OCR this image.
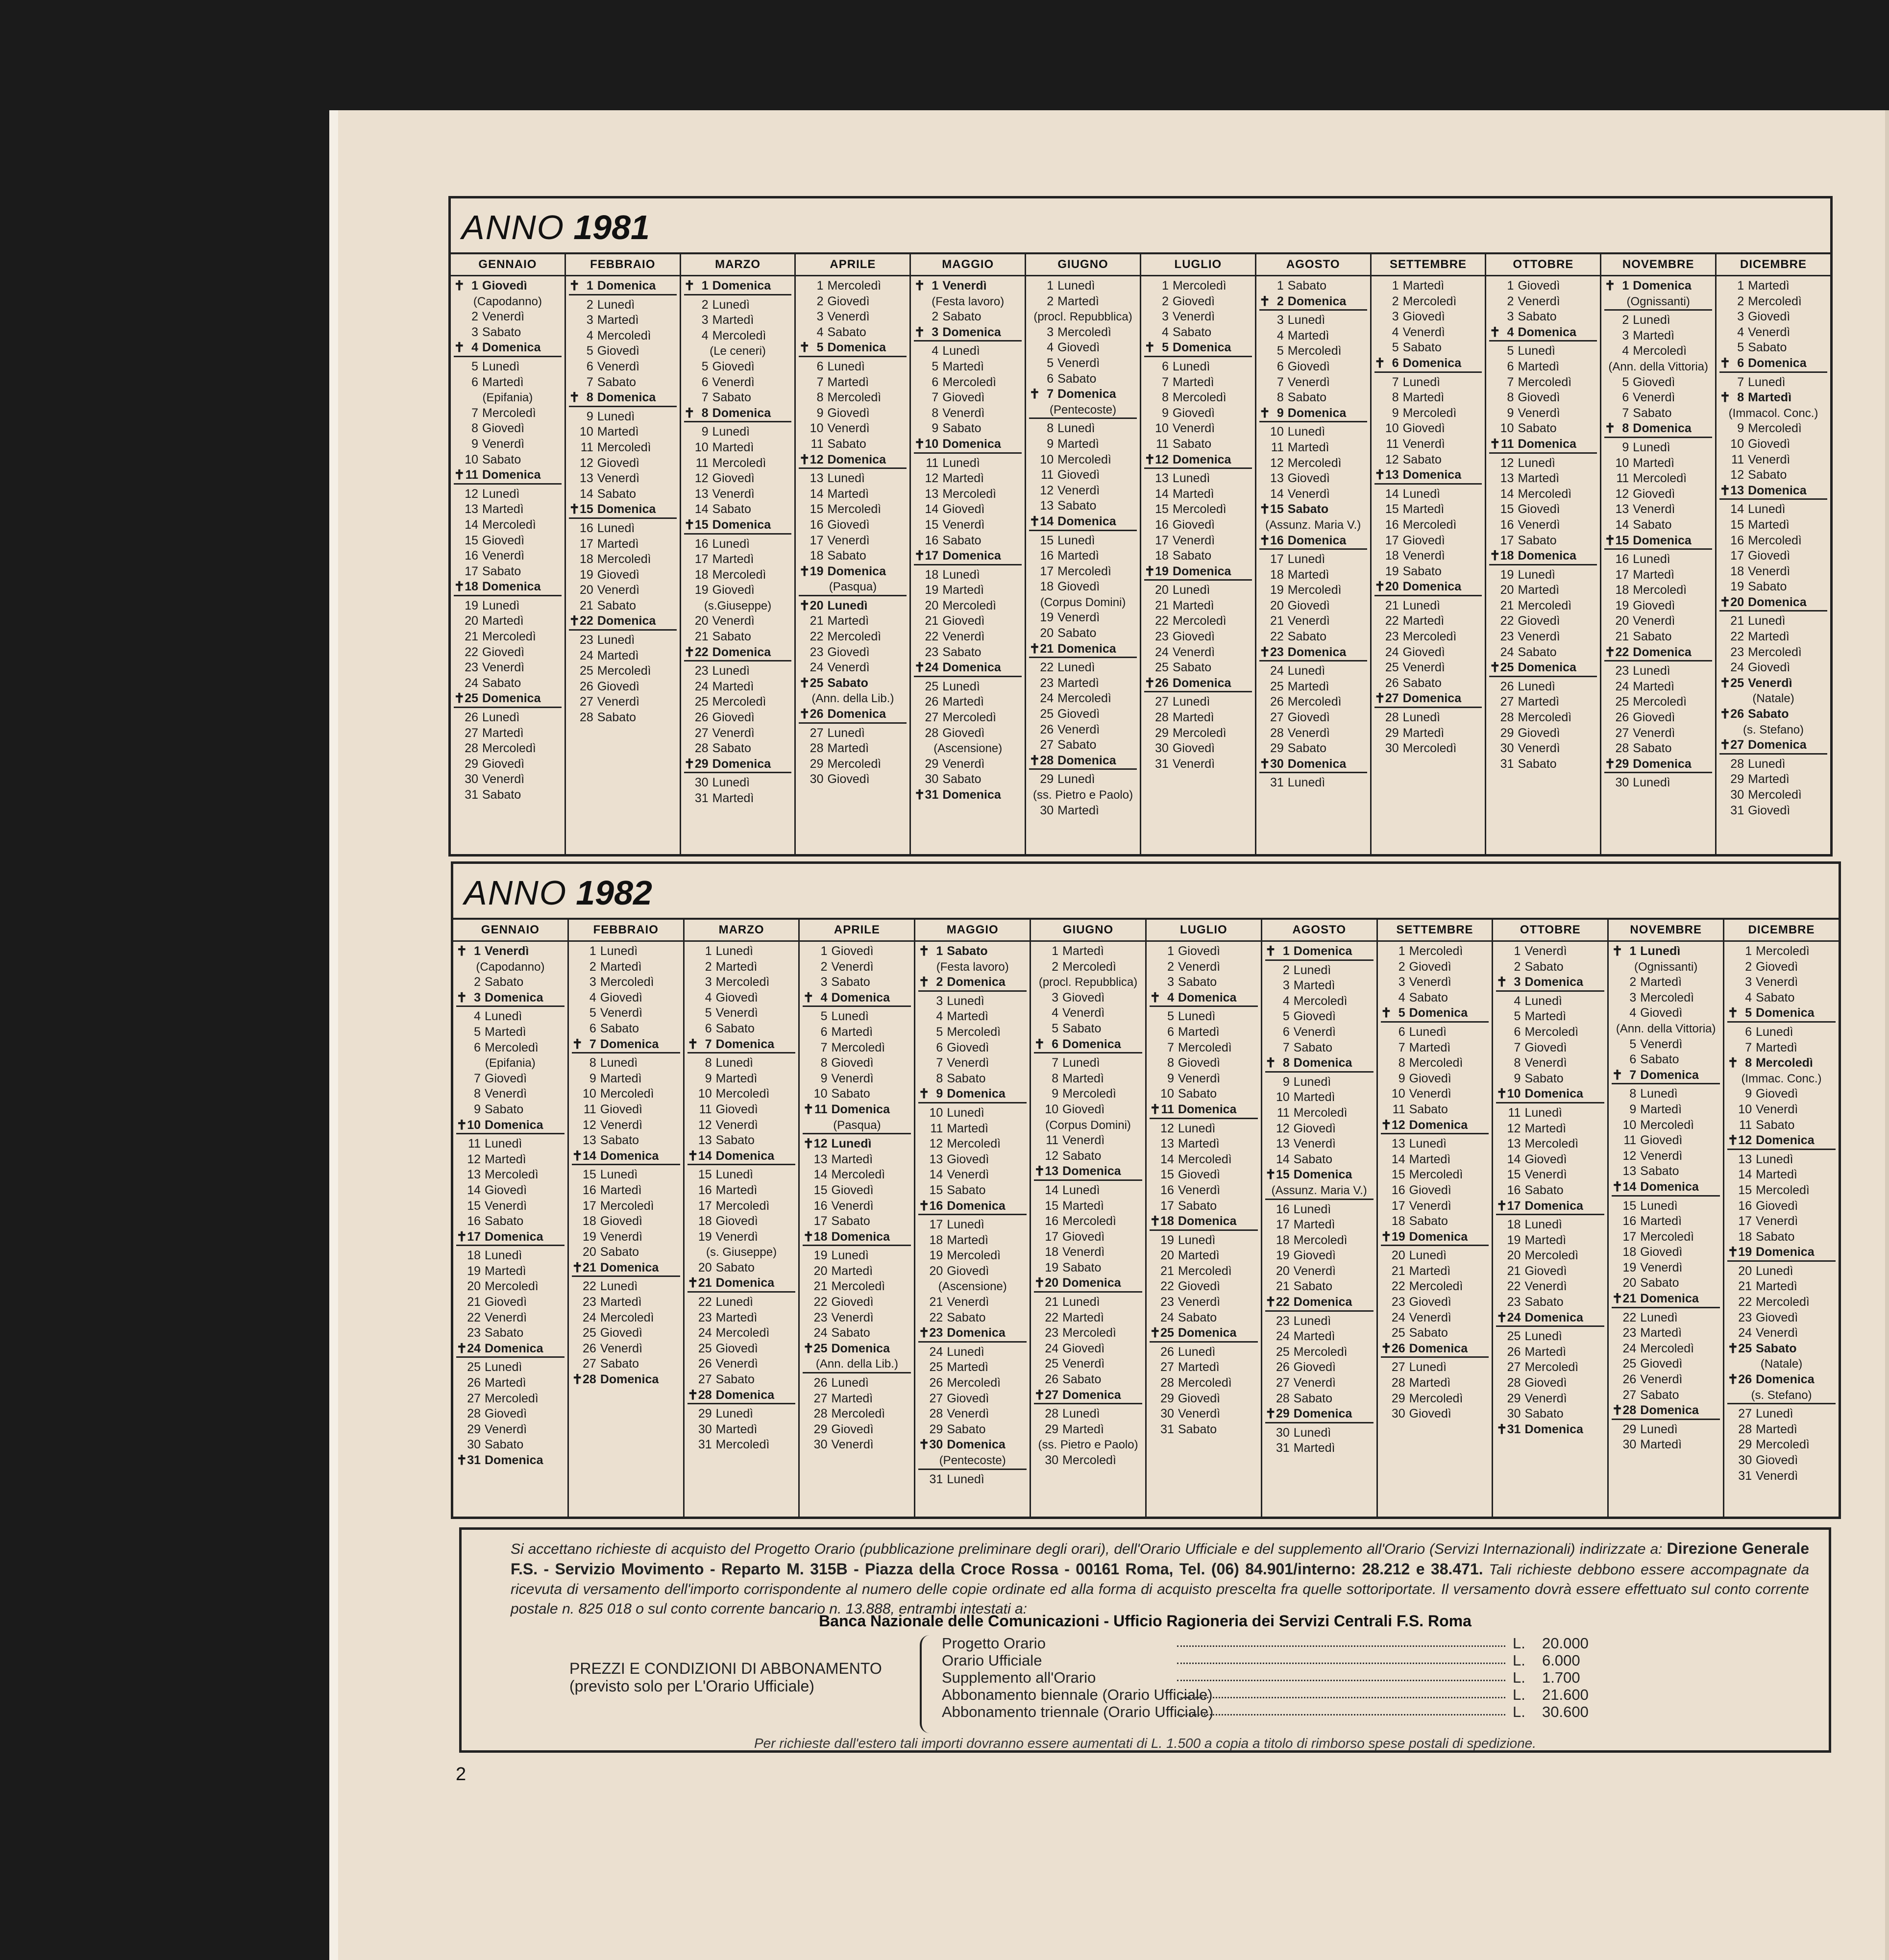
ANNO 1981
GENNAIO
✝ 1 Giovedì
(Capodanno)
2 Venerdì
3 Sabato
✝ 4 Domenica
5 Lunedì
6 Martedì
(Epifania)
7 Mercoledì
8 Giovedì
9 Venerdì
10 Sabato
✝ 11 Domenica
12 Lunedì
13 Martedì
14 Mercoledì
15 Giovedì
16 Venerdì
17 Sabato
✝ 18 Domenica
19 Lunedì
20 Martedì
21 Mercoledì
22 Giovedì
23 Venerdì
24 Sabato
✝ 25 Domenica
26 Lunedì
27 Martedì
28 Mercoledì
29 Giovedì
30 Venerdì
31 Sabato
FEBBRAIO
✝ 1 Domenica
2 Lunedì
3 Martedì
4 Mercoledì
5 Giovedì
6 Venerdì
7 Sabato
✝ 8 Domenica
9 Lunedì
10 Martedì
11 Mercoledì
12 Giovedì
13 Venerdì
14 Sabato
✝ 15 Domenica
16 Lunedì
17 Martedì
18 Mercoledì
19 Giovedì
20 Venerdì
21 Sabato
✝ 22 Domenica
23 Lunedì
24 Martedì
25 Mercoledì
26 Giovedì
27 Venerdì
28 Sabato
MARZO
✝ 1 Domenica
2 Lunedì
3 Martedì
4 Mercoledì
(Le ceneri)
5 Giovedì
6 Venerdì
7 Sabato
✝ 8 Domenica
9 Lunedì
10 Martedì
11 Mercoledì
12 Giovedì
13 Venerdì
14 Sabato
✝ 15 Domenica
16 Lunedì
17 Martedì
18 Mercoledì
19 Giovedì
(s.Giuseppe)
20 Venerdì
21 Sabato
✝ 22 Domenica
23 Lunedì
24 Martedì
25 Mercoledì
26 Giovedì
27 Venerdì
28 Sabato
✝ 29 Domenica
30 Lunedì
31 Martedì
APRILE
1 Mercoledì
2 Giovedì
3 Venerdì
4 Sabato
✝ 5 Domenica
6 Lunedì
7 Martedì
8 Mercoledì
9 Giovedì
10 Venerdì
11 Sabato
✝ 12 Domenica
13 Lunedì
14 Martedì
15 Mercoledì
16 Giovedì
17 Venerdì
18 Sabato
✝ 19 Domenica
(Pasqua)
✝ 20 Lunedì
21 Martedì
22 Mercoledì
23 Giovedì
24 Venerdì
✝ 25 Sabato
(Ann. della Lib.)
✝ 26 Domenica
27 Lunedì
28 Martedì
29 Mercoledì
30 Giovedì
MAGGIO
✝ 1 Venerdì
(Festa lavoro)
2 Sabato
✝ 3 Domenica
4 Lunedì
5 Martedì
6 Mercoledì
7 Giovedì
8 Venerdì
9 Sabato
✝ 10 Domenica
11 Lunedì
12 Martedì
13 Mercoledì
14 Giovedì
15 Venerdì
16 Sabato
✝ 17 Domenica
18 Lunedì
19 Martedì
20 Mercoledì
21 Giovedì
22 Venerdì
23 Sabato
✝ 24 Domenica
25 Lunedì
26 Martedì
27 Mercoledì
28 Giovedì
(Ascensione)
29 Venerdì
30 Sabato
✝ 31 Domenica
GIUGNO
1 Lunedì
2 Martedì
(procl. Repubblica)
3 Mercoledì
4 Giovedì
5 Venerdì
6 Sabato
✝ 7 Domenica
(Pentecoste)
8 Lunedì
9 Martedì
10 Mercoledì
11 Giovedì
12 Venerdì
13 Sabato
✝ 14 Domenica
15 Lunedì
16 Martedì
17 Mercoledì
18 Giovedì
(Corpus Domini)
19 Venerdì
20 Sabato
✝ 21 Domenica
22 Lunedì
23 Martedì
24 Mercoledì
25 Giovedì
26 Venerdì
27 Sabato
✝ 28 Domenica
29 Lunedì
(ss. Pietro e Paolo)
30 Martedì
LUGLIO
1 Mercoledì
2 Giovedì
3 Venerdì
4 Sabato
✝ 5 Domenica
6 Lunedì
7 Martedì
8 Mercoledì
9 Giovedì
10 Venerdì
11 Sabato
✝ 12 Domenica
13 Lunedì
14 Martedì
15 Mercoledì
16 Giovedì
17 Venerdì
18 Sabato
✝ 19 Domenica
20 Lunedì
21 Martedì
22 Mercoledì
23 Giovedì
24 Venerdì
25 Sabato
✝ 26 Domenica
27 Lunedì
28 Martedì
29 Mercoledì
30 Giovedì
31 Venerdì
AGOSTO
1 Sabato
✝ 2 Domenica
3 Lunedì
4 Martedì
5 Mercoledì
6 Giovedì
7 Venerdì
8 Sabato
✝ 9 Domenica
10 Lunedì
11 Martedì
12 Mercoledì
13 Giovedì
14 Venerdì
✝ 15 Sabato
(Assunz. Maria V.)
✝ 16 Domenica
17 Lunedì
18 Martedì
19 Mercoledì
20 Giovedì
21 Venerdì
22 Sabato
✝ 23 Domenica
24 Lunedì
25 Martedì
26 Mercoledì
27 Giovedì
28 Venerdì
29 Sabato
✝ 30 Domenica
31 Lunedì
SETTEMBRE
1 Martedì
2 Mercoledì
3 Giovedì
4 Venerdì
5 Sabato
✝ 6 Domenica
7 Lunedì
8 Martedì
9 Mercoledì
10 Giovedì
11 Venerdì
12 Sabato
✝ 13 Domenica
14 Lunedì
15 Martedì
16 Mercoledì
17 Giovedì
18 Venerdì
19 Sabato
✝ 20 Domenica
21 Lunedì
22 Martedì
23 Mercoledì
24 Giovedì
25 Venerdì
26 Sabato
✝ 27 Domenica
28 Lunedì
29 Martedì
30 Mercoledì
OTTOBRE
1 Giovedì
2 Venerdì
3 Sabato
✝ 4 Domenica
5 Lunedì
6 Martedì
7 Mercoledì
8 Giovedì
9 Venerdì
10 Sabato
✝ 11 Domenica
12 Lunedì
13 Martedì
14 Mercoledì
15 Giovedì
16 Venerdì
17 Sabato
✝ 18 Domenica
19 Lunedì
20 Martedì
21 Mercoledì
22 Giovedì
23 Venerdì
24 Sabato
✝ 25 Domenica
26 Lunedì
27 Martedì
28 Mercoledì
29 Giovedì
30 Venerdì
31 Sabato
NOVEMBRE
✝ 1 Domenica
(Ognissanti)
2 Lunedì
3 Martedì
4 Mercoledì
(Ann. della Vittoria)
5 Giovedì
6 Venerdì
7 Sabato
✝ 8 Domenica
9 Lunedì
10 Martedì
11 Mercoledì
12 Giovedì
13 Venerdì
14 Sabato
✝ 15 Domenica
16 Lunedì
17 Martedì
18 Mercoledì
19 Giovedì
20 Venerdì
21 Sabato
✝ 22 Domenica
23 Lunedì
24 Martedì
25 Mercoledì
26 Giovedì
27 Venerdì
28 Sabato
✝ 29 Domenica
30 Lunedì
DICEMBRE
1 Martedì
2 Mercoledì
3 Giovedì
4 Venerdì
5 Sabato
✝ 6 Domenica
7 Lunedì
✝ 8 Martedì
(Immacol. Conc.)
9 Mercoledì
10 Giovedì
11 Venerdì
12 Sabato
✝ 13 Domenica
14 Lunedì
15 Martedì
16 Mercoledì
17 Giovedì
18 Venerdì
19 Sabato
✝ 20 Domenica
21 Lunedì
22 Martedì
23 Mercoledì
24 Giovedì
✝ 25 Venerdì
(Natale)
✝ 26 Sabato
(s. Stefano)
✝ 27 Domenica
28 Lunedì
29 Martedì
30 Mercoledì
31 Giovedì
ANNO 1982
GENNAIO
✝ 1 Venerdì
(Capodanno)
2 Sabato
✝ 3 Domenica
4 Lunedì
5 Martedì
6 Mercoledì
(Epifania)
7 Giovedì
8 Venerdì
9 Sabato
✝ 10 Domenica
11 Lunedì
12 Martedì
13 Mercoledì
14 Giovedì
15 Venerdì
16 Sabato
✝ 17 Domenica
18 Lunedì
19 Martedì
20 Mercoledì
21 Giovedì
22 Venerdì
23 Sabato
✝ 24 Domenica
25 Lunedì
26 Martedì
27 Mercoledì
28 Giovedì
29 Venerdì
30 Sabato
✝ 31 Domenica
FEBBRAIO
1 Lunedì
2 Martedì
3 Mercoledì
4 Giovedì
5 Venerdì
6 Sabato
✝ 7 Domenica
8 Lunedì
9 Martedì
10 Mercoledì
11 Giovedì
12 Venerdì
13 Sabato
✝ 14 Domenica
15 Lunedì
16 Martedì
17 Mercoledì
18 Giovedì
19 Venerdì
20 Sabato
✝ 21 Domenica
22 Lunedì
23 Martedì
24 Mercoledì
25 Giovedì
26 Venerdì
27 Sabato
✝ 28 Domenica
MARZO
1 Lunedì
2 Martedì
3 Mercoledì
4 Giovedì
5 Venerdì
6 Sabato
✝ 7 Domenica
8 Lunedì
9 Martedì
10 Mercoledì
11 Giovedì
12 Venerdì
13 Sabato
✝ 14 Domenica
15 Lunedì
16 Martedì
17 Mercoledì
18 Giovedì
19 Venerdì
(s. Giuseppe)
20 Sabato
✝ 21 Domenica
22 Lunedì
23 Martedì
24 Mercoledì
25 Giovedì
26 Venerdì
27 Sabato
✝ 28 Domenica
29 Lunedì
30 Martedì
31 Mercoledì
APRILE
1 Giovedì
2 Venerdì
3 Sabato
✝ 4 Domenica
5 Lunedì
6 Martedì
7 Mercoledì
8 Giovedì
9 Venerdì
10 Sabato
✝ 11 Domenica
(Pasqua)
✝ 12 Lunedì
13 Martedì
14 Mercoledì
15 Giovedì
16 Venerdì
17 Sabato
✝ 18 Domenica
19 Lunedì
20 Martedì
21 Mercoledì
22 Giovedì
23 Venerdì
24 Sabato
✝ 25 Domenica
(Ann. della Lib.)
26 Lunedì
27 Martedì
28 Mercoledì
29 Giovedì
30 Venerdì
MAGGIO
✝ 1 Sabato
(Festa lavoro)
✝ 2 Domenica
3 Lunedì
4 Martedì
5 Mercoledì
6 Giovedì
7 Venerdì
8 Sabato
✝ 9 Domenica
10 Lunedì
11 Martedì
12 Mercoledì
13 Giovedì
14 Venerdì
15 Sabato
✝ 16 Domenica
17 Lunedì
18 Martedì
19 Mercoledì
20 Giovedì
(Ascensione)
21 Venerdì
22 Sabato
✝ 23 Domenica
24 Lunedì
25 Martedì
26 Mercoledì
27 Giovedì
28 Venerdì
29 Sabato
✝ 30 Domenica
(Pentecoste)
31 Lunedì
GIUGNO
1 Martedì
2 Mercoledì
(procl. Repubblica)
3 Giovedì
4 Venerdì
5 Sabato
✝ 6 Domenica
7 Lunedì
8 Martedì
9 Mercoledì
10 Giovedì
(Corpus Domini)
11 Venerdì
12 Sabato
✝ 13 Domenica
14 Lunedì
15 Martedì
16 Mercoledì
17 Giovedì
18 Venerdì
19 Sabato
✝ 20 Domenica
21 Lunedì
22 Martedì
23 Mercoledì
24 Giovedì
25 Venerdì
26 Sabato
✝ 27 Domenica
28 Lunedì
29 Martedì
(ss. Pietro e Paolo)
30 Mercoledì
LUGLIO
1 Giovedì
2 Venerdì
3 Sabato
✝ 4 Domenica
5 Lunedì
6 Martedì
7 Mercoledì
8 Giovedì
9 Venerdì
10 Sabato
✝ 11 Domenica
12 Lunedì
13 Martedì
14 Mercoledì
15 Giovedì
16 Venerdì
17 Sabato
✝ 18 Domenica
19 Lunedì
20 Martedì
21 Mercoledì
22 Giovedì
23 Venerdì
24 Sabato
✝ 25 Domenica
26 Lunedì
27 Martedì
28 Mercoledì
29 Giovedì
30 Venerdì
31 Sabato
AGOSTO
✝ 1 Domenica
2 Lunedì
3 Martedì
4 Mercoledì
5 Giovedì
6 Venerdì
7 Sabato
✝ 8 Domenica
9 Lunedì
10 Martedì
11 Mercoledì
12 Giovedì
13 Venerdì
14 Sabato
✝ 15 Domenica
(Assunz. Maria V.)
16 Lunedì
17 Martedì
18 Mercoledì
19 Giovedì
20 Venerdì
21 Sabato
✝ 22 Domenica
23 Lunedì
24 Martedì
25 Mercoledì
26 Giovedì
27 Venerdì
28 Sabato
✝ 29 Domenica
30 Lunedì
31 Martedì
SETTEMBRE
1 Mercoledì
2 Giovedì
3 Venerdì
4 Sabato
✝ 5 Domenica
6 Lunedì
7 Martedì
8 Mercoledì
9 Giovedì
10 Venerdì
11 Sabato
✝ 12 Domenica
13 Lunedì
14 Martedì
15 Mercoledì
16 Giovedì
17 Venerdì
18 Sabato
✝ 19 Domenica
20 Lunedì
21 Martedì
22 Mercoledì
23 Giovedì
24 Venerdì
25 Sabato
✝ 26 Domenica
27 Lunedì
28 Martedì
29 Mercoledì
30 Giovedì
OTTOBRE
1 Venerdì
2 Sabato
✝ 3 Domenica
4 Lunedì
5 Martedì
6 Mercoledì
7 Giovedì
8 Venerdì
9 Sabato
✝ 10 Domenica
11 Lunedì
12 Martedì
13 Mercoledì
14 Giovedì
15 Venerdì
16 Sabato
✝ 17 Domenica
18 Lunedì
19 Martedì
20 Mercoledì
21 Giovedì
22 Venerdì
23 Sabato
✝ 24 Domenica
25 Lunedì
26 Martedì
27 Mercoledì
28 Giovedì
29 Venerdì
30 Sabato
✝ 31 Domenica
NOVEMBRE
✝ 1 Lunedì
(Ognissanti)
2 Martedì
3 Mercoledì
4 Giovedì
(Ann. della Vittoria)
5 Venerdì
6 Sabato
✝ 7 Domenica
8 Lunedì
9 Martedì
10 Mercoledì
11 Giovedì
12 Venerdì
13 Sabato
✝ 14 Domenica
15 Lunedì
16 Martedì
17 Mercoledì
18 Giovedì
19 Venerdì
20 Sabato
✝ 21 Domenica
22 Lunedì
23 Martedì
24 Mercoledì
25 Giovedì
26 Venerdì
27 Sabato
✝ 28 Domenica
29 Lunedì
30 Martedì
DICEMBRE
1 Mercoledì
2 Giovedì
3 Venerdì
4 Sabato
✝ 5 Domenica
6 Lunedì
7 Martedì
✝ 8 Mercoledì
(Immac. Conc.)
9 Giovedì
10 Venerdì
11 Sabato
✝ 12 Domenica
13 Lunedì
14 Martedì
15 Mercoledì
16 Giovedì
17 Venerdì
18 Sabato
✝ 19 Domenica
20 Lunedì
21 Martedì
22 Mercoledì
23 Giovedì
24 Venerdì
✝ 25 Sabato
(Natale)
✝ 26 Domenica
(s. Stefano)
27 Lunedì
28 Martedì
29 Mercoledì
30 Giovedì
31 Venerdì
Si accettano richieste di acquisto del Progetto Orario (pubblicazione preliminare degli orari), dell'Orario Ufficiale e del supplemento all'Orario (Servizi Internazionali) indirizzate a: Direzione Generale F.S. - Servizio Movimento - Reparto M. 315B - Piazza della Croce Rossa - 00161 Roma, Tel. (06) 84.901/interno: 28.212 e 38.471. Tali richieste debbono essere accompagnate da ricevuta di versamento dell'importo corrispondente al numero delle copie ordinate ed alla forma di acquisto prescelta fra quelle sottoriportate. Il versamento dovrà essere effettuato sul conto corrente postale n. 825 018 o sul conto corrente bancario n. 13.888, entrambi intestati a:
Banca Nazionale delle Comunicazioni - Ufficio Ragioneria dei Servizi Centrali F.S. Roma
PREZZI E CONDIZIONI DI ABBONAMENTO
(previsto solo per L'Orario Ufficiale)
Progetto Orario	L. 20.000
Orario Ufficiale	L. 6.000
Supplemento all'Orario	L. 1.700
Abbonamento biennale (Orario Ufficiale)	L. 21.600
Abbonamento triennale (Orario Ufficiale)	L. 30.600
Per richieste dall'estero tali importi dovranno essere aumentati di L. 1.500 a copia a titolo di rimborso spese postali di spedizione.
2
